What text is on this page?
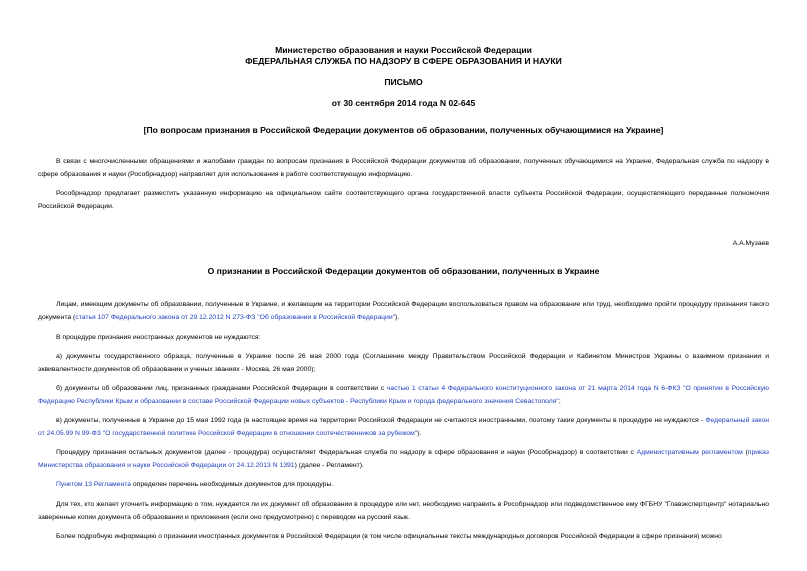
Министерство образования и науки Российской Федерации
ФЕДЕРАЛЬНАЯ СЛУЖБА ПО НАДЗОРУ В СФЕРЕ ОБРАЗОВАНИЯ И НАУКИ
ПИСЬМО
от 30 сентября 2014 года N 02-645
[По вопросам признания в Российской Федерации документов об образовании, полученных обучающимися на Украине]
В связи с многочисленными обращениями и жалобами граждан по вопросам признания в Российской Федерации документов об образовании, полученных обучающимися на Украине, Федеральная служба по надзору в сфере образования и науки (Рособрнадзор) направляет для использования в работе соответствующую информацию.
Рособрнадзор предлагает разместить указанную информацию на официальном сайте соответствующего органа государственной власти субъекта Российской Федерации, осуществляющего переданные полномочия Российской Федерации.
А.А.Музаев
О признании в Российской Федерации документов об образовании, полученных в Украине
Лицам, имеющим документы об образовании, полученные в Украине, и желающим на территории Российской Федерации воспользоваться правом на образование или труд, необходимо пройти процедуру признания такого документа (статья 107 Федерального закона от 29.12.2012 N 273-ФЗ "Об образовании в Российской Федерации").
В процедуре признания иностранных документов не нуждаются:
а) документы государственного образца, полученные в Украине после 26 мая 2000 года (Соглашение между Правительством Российской Федерации и Кабинетом Министров Украины о взаимном признании и эквивалентности документов об образовании и ученых званиях - Москва, 26 мая 2000);
б) документы об образовании лиц, признанных гражданами Российской Федерации в соответствии с частью 1 статьи 4 Федерального конституционного закона от 21 марта 2014 года N 6-ФКЗ "О принятии в Российскую Федерацию Республики Крым и образовании в составе Российской Федерации новых субъектов - Республики Крым и города федерального значения Севастополя";
в) документы, полученные в Украине до 15 мая 1992 года (в настоящее время на территории Российской Федерации не считаются иностранными, поэтому такие документы в процедуре не нуждаются - Федеральный закон от 24.05.99 N 99-ФЗ "О государственной политике Российской Федерации в отношении соотечественников за рубежом").
Процедуру признания остальных документов (далее - процедура) осуществляет Федеральная служба по надзору в сфере образования и науки (Рособрнадзор) в соответствии с Административным регламентом (приказ Министерства образования и науки Российской Федерации от 24.12.2013 N 1391) (далее - Регламент).
Пунктом 13 Регламента определен перечень необходимых документов для процедуры.
Для тех, кто желает уточнить информацию о том, нуждается ли их документ об образовании в процедуре или нет, необходимо направить в Рособрнадзор или подведомственное ему ФГБНУ "Главэкспертцентр" нотариально заверенные копии документа об образовании и приложения (если оно предусмотрено) с переводом на русский язык.
Более подробную информацию о признании иностранных документов в Российской Федерации (в том числе официальные тексты международных договоров Российской Федерации в сфере признания) можно
